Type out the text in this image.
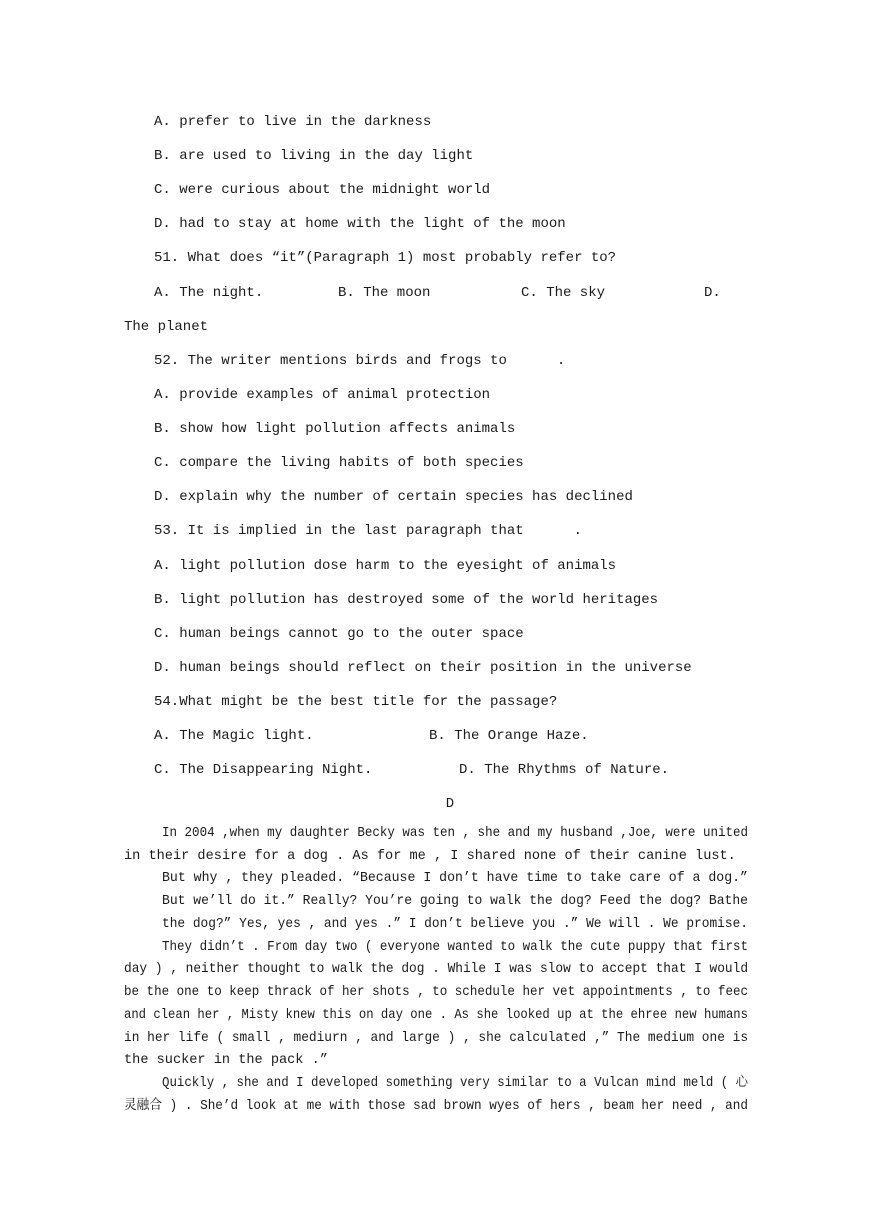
A. prefer to live in the darkness
B. are used to living in the day light
C. were curious about the midnight world
D. had to stay at home with the light of the moon
51. What does “it”(Paragraph 1) most probably refer to?
A. The night.	B. The moon	C. The sky	D.
The planet
52. The writer mentions birds and frogs to	.
A. provide examples of animal protection
B. show how light pollution affects animals
C. compare the living habits of both species
D. explain why the number of certain species has declined
53. It is implied in the last paragraph that	.
A. light pollution dose harm to the eyesight of animals
B. light pollution has destroyed some of the world heritages
C. human beings cannot go to the outer space
D. human beings should reflect on their position in the universe
54.What might be the best title for the passage?
A. The Magic light.	B. The Orange Haze.
C. The Disappearing Night.	D. The Rhythms of Nature.
D
In 2004 ,when my daughter Becky was ten , she and my husband ,Joe, were united
in their desire for a dog . As for me , I shared none of their canine lust.
But why , they pleaded. “Because I don’t have time to take care of a dog.”
But we’ll do it.” Really? You’re going to walk the dog? Feed the dog? Bathe
the dog?” Yes, yes , and yes .” I don’t believe you .” We will . We promise.
They didn’t . From day two ( everyone wanted to walk the cute puppy that first
day ) , neither thought to walk the dog . While I was slow to accept that I would
be the one to keep thrack of her shots , to schedule her vet appointments , to feec
and clean her , Misty knew this on day one . As she looked up at the ehree new humans
in her life ( small , mediurn , and large ) , she calculated ,” The medium one is
the sucker in the pack .”
Quickly , she and I developed something very similar to a Vulcan mind meld ( 心
灵融合 ) . She’d look at me with those sad brown wyes of hers , beam her need , and
